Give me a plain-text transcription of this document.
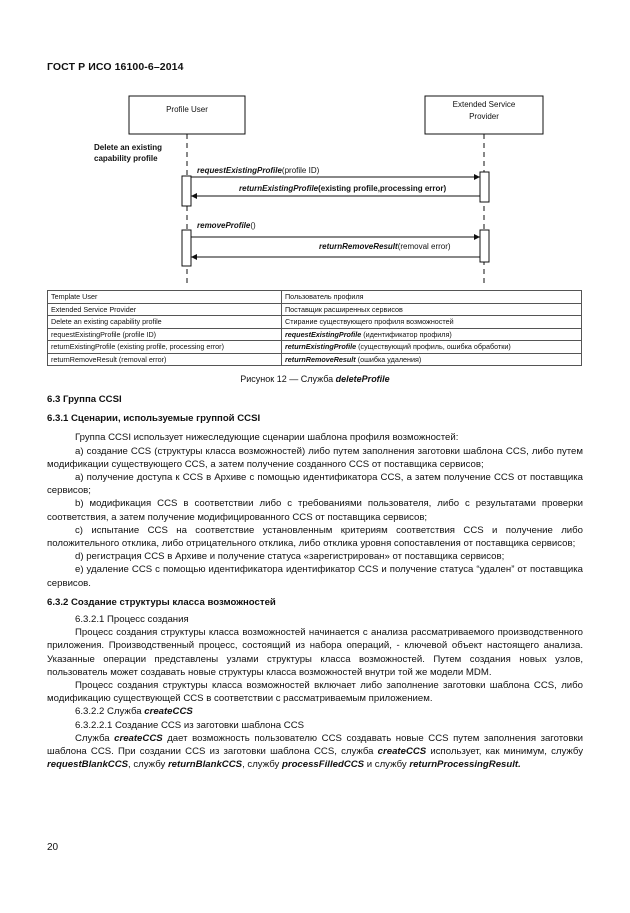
ГОСТ Р ИСО 16100-6–2014
Profile User
Extended Service
Provider
Delete an existing
capability profile
requestExistingProfile(profile ID)
returnExistingProfile(existing profile,processing error)
removeProfile()
returnRemoveResult(removal error)
Template User	Пользователь профиля
Extended Service Provider	Поставщик расширенных сервисов
Delete an existing capability profile	Стирание существующего профиля возможностей
requestExistingProfile (profile ID)	requestExistingProfile (идентификатор профиля)
returnExistingProfile (existing profile, processing error)	returnExistingProfile (существующий профиль, ошибка обработки)
returnRemoveResult (removal error)	returnRemoveResult (ошибка удаления)
Рисунок 12 — Служба deleteProfile

6.3 Группа CCSI

6.3.1 Сценарии, используемые группой CCSI

Группа CCSI использует нижеследующие сценарии шаблона профиля возможностей:

a) создание CCS (структуры класса возможностей) либо путем заполнения заготовки шаблона CCS, либо путем модификации существующего CCS, а затем получение созданного CCS от поставщика сервисов;

a) получение доступа к CCS в Архиве с помощью идентификатора CCS, а затем получение CCS от поставщика сервисов;

b) модификация CCS в соответствии либо с требованиями пользователя, либо с результатами проверки соответствия, а затем получение модифицированного CCS от поставщика сервисов;

c) испытание CCS на соответствие установленным критериям соответствия CCS и получение либо положительного отклика, либо отрицательного отклика, либо отклика уровня сопоставления от поставщика сервисов;

d) регистрация CCS в Архиве и получение статуса «зарегистрирован» от поставщика сервисов;

e) удаление CCS с помощью идентификатора идентификатор CCS и получение статуса “удален” от поставщика сервисов.

6.3.2 Создание структуры класса возможностей

6.3.2.1 Процесс создания

Процесс создания структуры класса возможностей начинается с анализа рассматриваемого производственного приложения. Производственный процесс, состоящий из набора операций, - ключевой объект настоящего анализа. Указанные операции представлены узлами структуры класса возможностей. Путем создания новых узлов, пользователь может создавать новые структуры класса возможностей внутри той же модели MDM.

Процесс создания структуры класса возможностей включает либо заполнение заготовки шаблона CCS, либо модификацию существующей CCS в соответствии с рассматриваемым приложением.

6.3.2.2 Служба createCCS

6.3.2.2.1 Создание CCS из заготовки шаблона CCS

Служба createCCS дает возможность пользователю CCS создавать новые CCS путем заполнения заготовки шаблона CCS. При создании CCS из заготовки шаблона CCS, служба createCCS использует, как минимум, службу requestBlankCCS, службу returnBlankCCS, службу processFilledCCS и службу returnProcessingResult.

20
